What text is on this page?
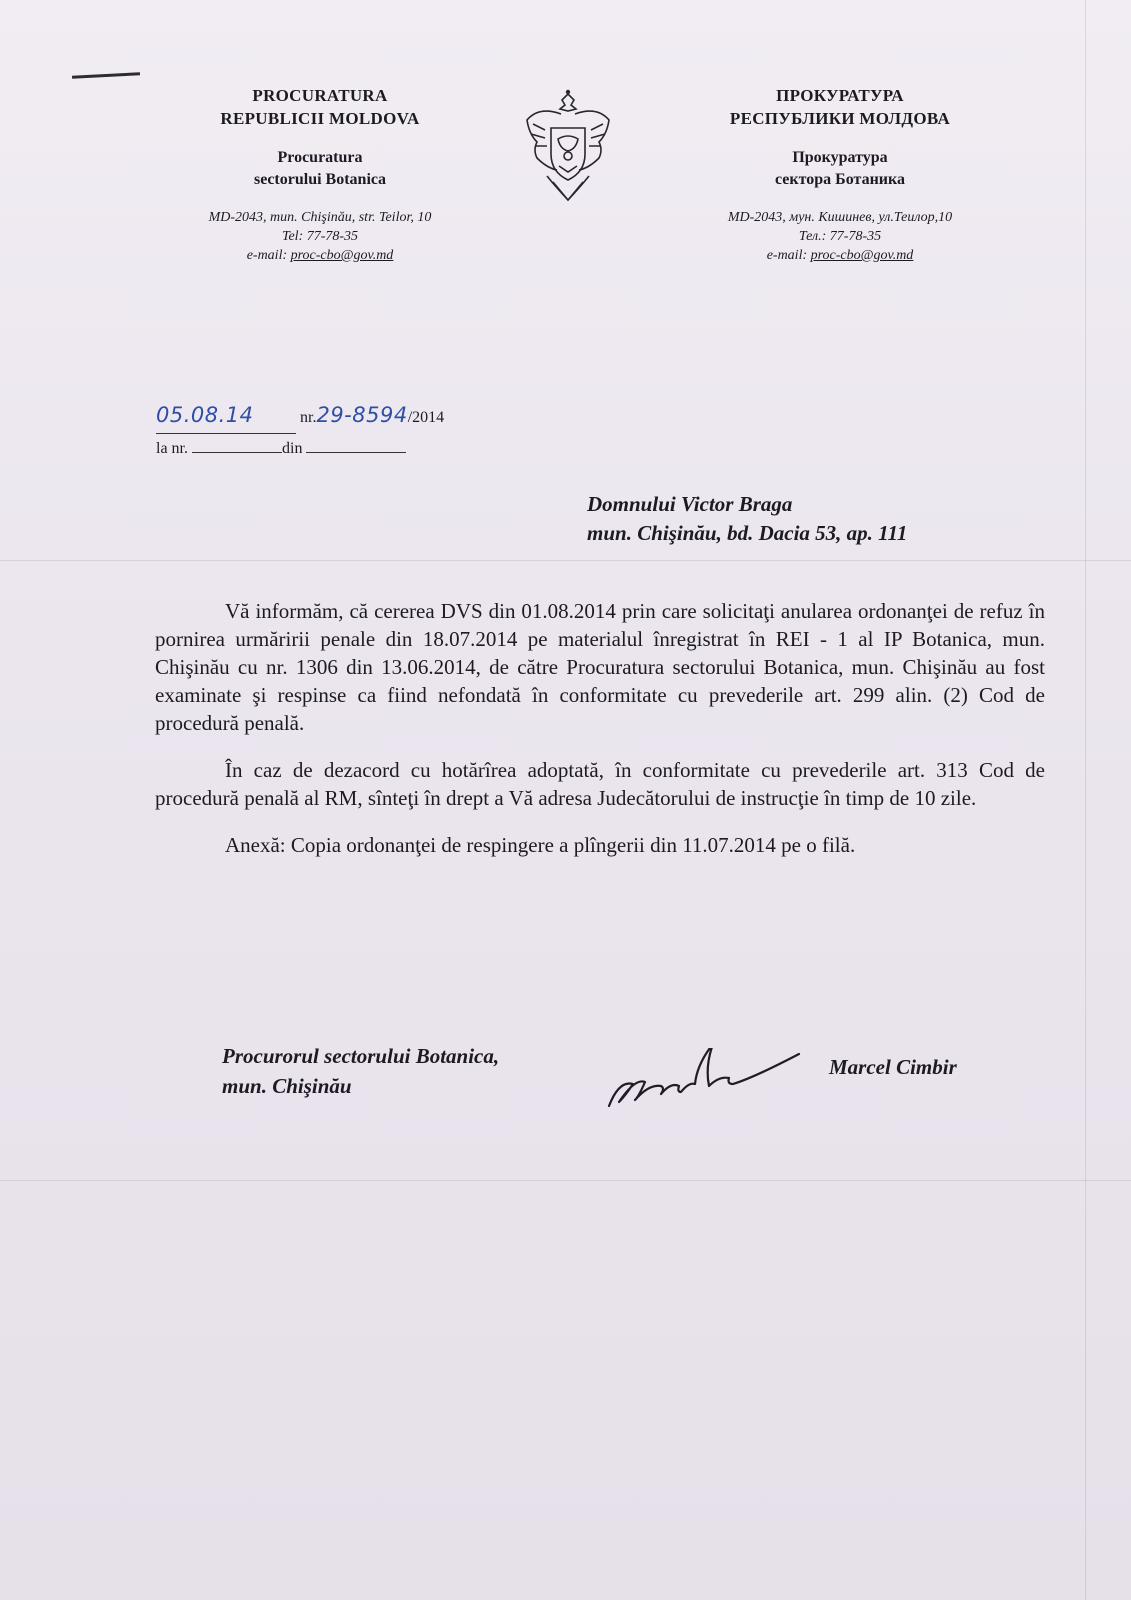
PROCURATURA
REPUBLICII MOLDOVA
Procuratura
sectorului Botanica
MD-2043, mun. Chişinău, str. Teilor, 10
Tel: 77-78-35
e-mail: proc-cbo@gov.md
ПРОКУРАТУРА
РЕСПУБЛИКИ МОЛДОВА
Прокуратура
сектора Ботаника
MD-2043, мун. Кишинев, ул.Теилор,10
Тел.: 77-78-35
e-mail: proc-cbo@gov.md
05.08.14	nr.29-8594/2014
la nr.	din
Domnului Victor Braga
mun. Chişinău, bd. Dacia 53, ap. 111

Vă informăm, că cererea DVS din 01.08.2014 prin care solicitaţi anularea ordonanţei de refuz în pornirea urmăririi penale din 18.07.2014 pe materialul înregistrat în REI - 1 al IP Botanica, mun. Chişinău cu nr. 1306 din 13.06.2014, de către Procuratura sectorului Botanica, mun. Chişinău au fost examinate şi respinse ca fiind nefondată în conformitate cu prevederile art. 299 alin. (2) Cod de procedură penală.

În caz de dezacord cu hotărîrea adoptată, în conformitate cu prevederile art. 313 Cod de procedură penală al RM, sînteţi în drept a Vă adresa Judecătorului de instrucţie în timp de 10 zile.

Anexă: Copia ordonanţei de respingere a plîngerii din 11.07.2014 pe o filă.

Procurorul sectorului Botanica,
mun. Chişinău
Marcel Cimbir
